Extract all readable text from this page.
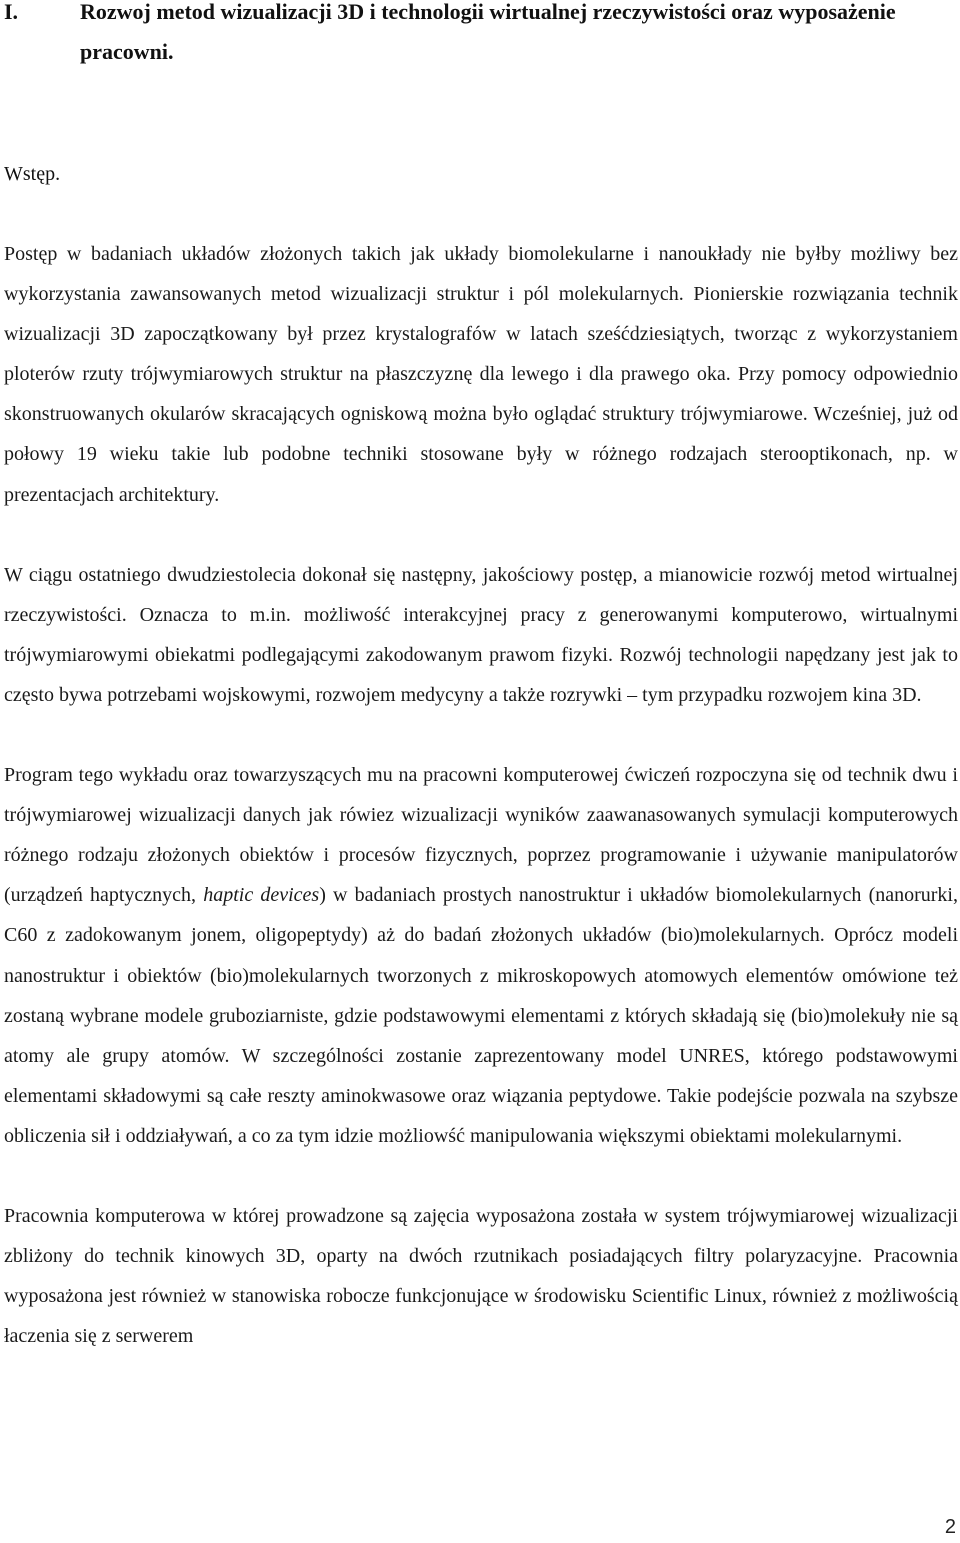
I.	Rozwoj metod wizualizacji 3D i technologii wirtualnej rzeczywistości oraz wyposażenie pracowni.
Wstęp.

Postęp w badaniach układów złożonych takich jak układy biomolekularne i nanoukłady nie byłby możliwy bez wykorzystania zawansowanych metod wizualizacji struktur i pól molekularnych. Pionierskie rozwiązania technik wizualizacji 3D zapoczątkowany był przez krystalografów w latach sześćdziesiątych, tworząc z wykorzystaniem ploterów rzuty trójwymiarowych struktur na płaszczyznę dla lewego i dla prawego oka. Przy pomocy odpowiednio skonstruowanych okularów skracających ogniskową można było oglądać struktury trójwymiarowe. Wcześniej, już od połowy 19 wieku takie lub podobne techniki stosowane były w różnego rodzajach sterooptikonach, np. w prezentacjach architektury.

W ciągu ostatniego dwudziestolecia dokonał się następny, jakościowy postęp, a mianowicie rozwój metod wirtualnej rzeczywistości. Oznacza to m.in. możliwość interakcyjnej pracy z generowanymi komputerowo, wirtualnymi trójwymiarowymi obiekatmi podlegającymi zakodowanym prawom fizyki. Rozwój technologii napędzany jest jak to często bywa potrzebami wojskowymi, rozwojem medycyny a także rozrywki – tym przypadku rozwojem kina 3D.

Program tego wykładu oraz towarzyszących mu na pracowni komputerowej ćwiczeń rozpoczyna się od technik dwu i trójwymiarowej wizualizacji danych jak rówiez wizualizacji wyników zaawanasowanych symulacji komputerowych różnego rodzaju złożonych obiektów i procesów fizycznych, poprzez programowanie i używanie manipulatorów (urządzeń haptycznych, haptic devices) w badaniach prostych nanostruktur i układów biomolekularnych (nanorurki, C60 z zadokowanym jonem, oligopeptydy) aż do badań złożonych układów (bio)molekularnych. Oprócz modeli nanostruktur i obiektów (bio)molekularnych tworzonych z mikroskopowych atomowych elementów omówione też zostaną wybrane modele gruboziarniste, gdzie podstawowymi elementami z których składają się (bio)molekuły nie są atomy ale grupy atomów. W szczególności zostanie zaprezentowany model UNRES, którego podstawowymi elementami składowymi są całe reszty aminokwasowe oraz wiązania peptydowe. Takie podejście pozwala na szybsze obliczenia sił i oddziaływań, a co za tym idzie możliowść manipulowania większymi obiektami molekularnymi.

Pracownia komputerowa w której prowadzone są zajęcia wyposażona została w system trójwymiarowej wizualizacji zbliżony do technik kinowych 3D, oparty na dwóch rzutnikach posiadających filtry polaryzacyjne. Pracownia wyposażona jest również w stanowiska robocze funkcjonujące w środowisku Scientific Linux, również z możliwością łaczenia się z serwerem

2
